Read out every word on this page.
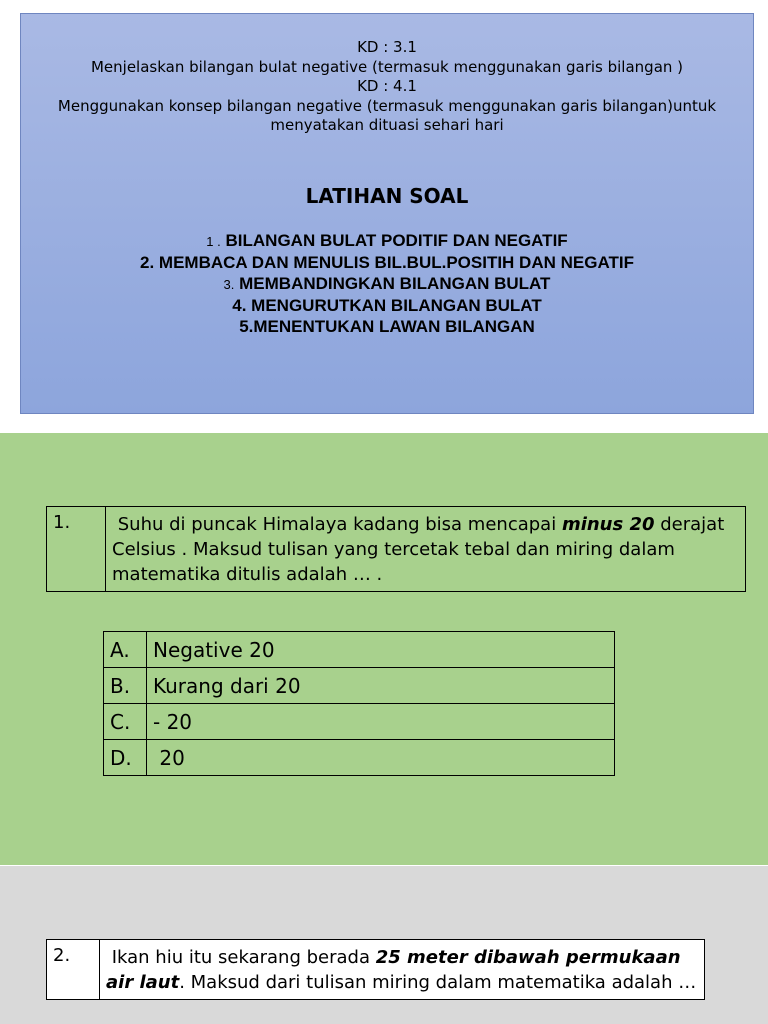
KD : 3.1
Menjelaskan bilangan bulat negative (termasuk menggunakan garis bilangan )
KD : 4.1
Menggunakan konsep bilangan negative (termasuk menggunakan garis bilangan)untuk
menyatakan dituasi sehari hari
LATIHAN SOAL
1 . BILANGAN BULAT PODITIF DAN NEGATIF
2. MEMBACA DAN MENULIS BIL.BUL.POSITIH DAN NEGATIF
3. MEMBANDINGKAN BILANGAN BULAT
4. MENGURUTKAN BILANGAN BULAT
5.MENENTUKAN LAWAN BILANGAN
1.	Suhu di puncak Himalaya kadang bisa mencapai minus 20 derajat Celsius . Maksud tulisan yang tercetak tebal dan miring dalam matematika ditulis adalah … .
A.	Negative 20
B.	Kurang dari 20
C.	- 20
D.	20
2.	Ikan hiu itu sekarang berada 25 meter dibawah permukaan air laut. Maksud dari tulisan miring dalam matematika adalah …
